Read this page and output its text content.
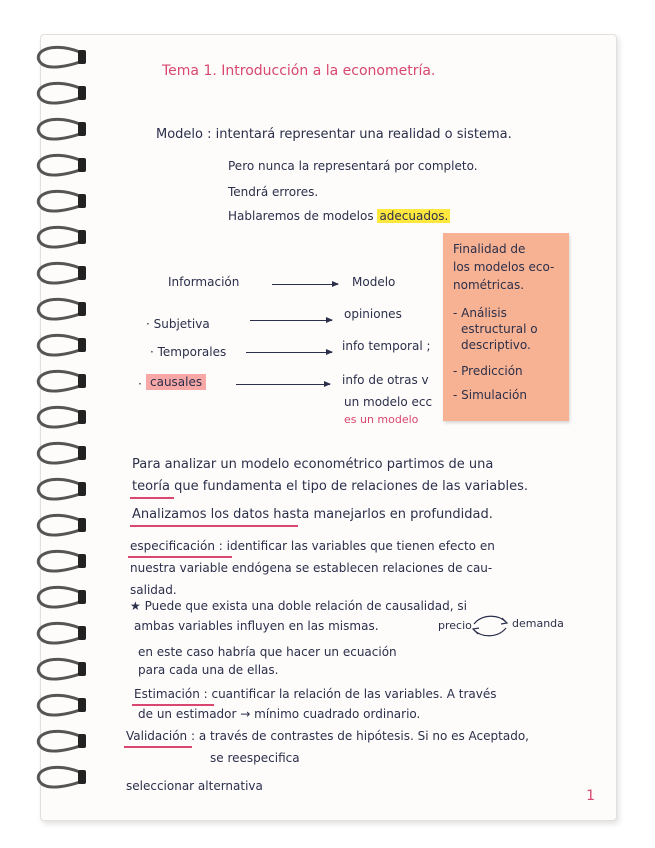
Tema 1. Introducción a la econometría.
Modelo : intentará representar una realidad o sistema.
Pero nunca la representará por completo.
Tendrá errores.
Hablaremos de modelos adecuados.
Información	Modelo
· Subjetiva
opiniones
· Temporales	info temporal ;
· causales	info de otras v
un modelo ecc
es un modelo
Finalidad de
los modelos eco-
nométricas.
- Análisis
estructural o
descriptivo.
- Predicción
- Simulación
Para analizar un modelo econométrico partimos de una
teoría que fundamenta el tipo de relaciones de las variables.
Analizamos los datos hasta manejarlos en profundidad.
especificación : identificar las variables que tienen efecto en
nuestra variable endógena se establecen relaciones de cau-
salidad.
★ Puede que exista una doble relación de causalidad, si
ambas variables influyen en las mismas.	precio	demanda
en este caso habría que hacer un ecuación
para cada una de ellas.
Estimación : cuantificar la relación de las variables. A través
de un estimador → mínimo cuadrado ordinario.
Validación : a través de contrastes de hipótesis. Si no es Aceptado,
se reespecifica
seleccionar alternativa
1
